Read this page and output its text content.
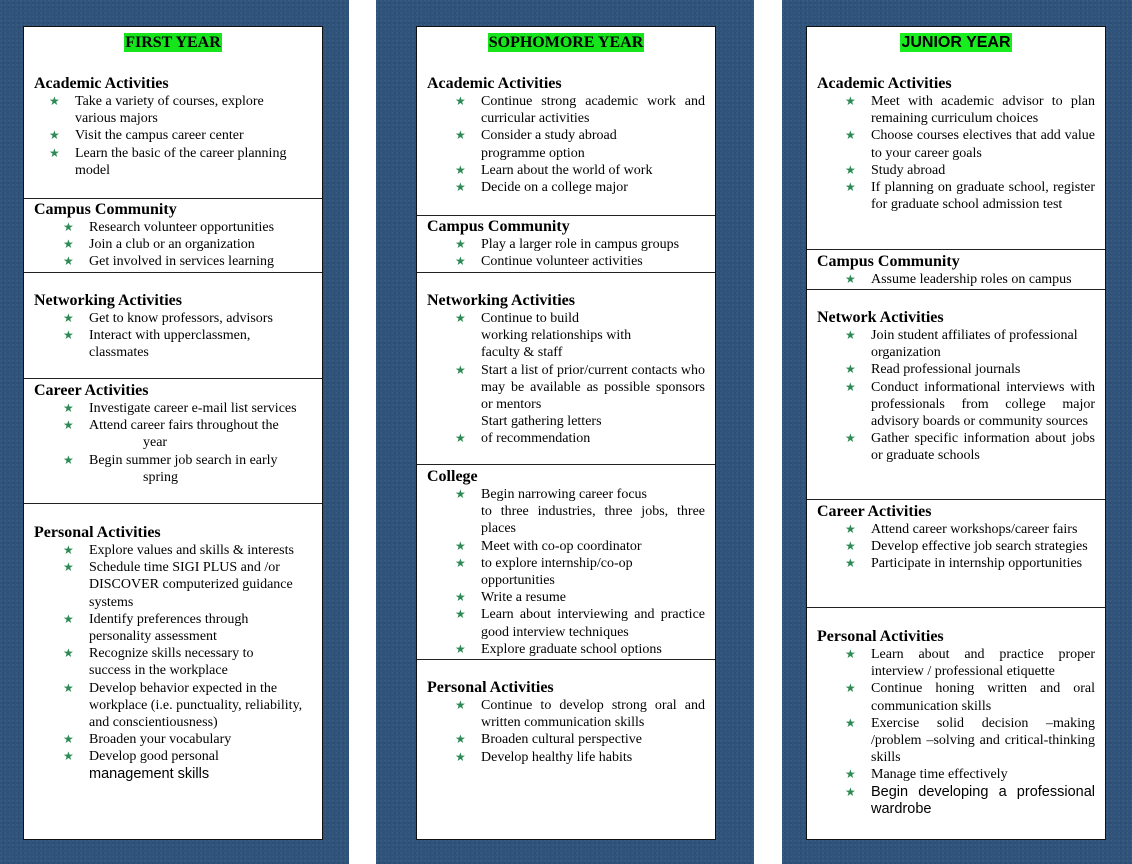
FIRST YEAR

Academic Activities

★ Take a variety of courses, explore various majors
★ Visit the campus career center
★ Learn the basic of the career planning model

Campus Community

★ Research volunteer opportunities
★ Join a club or an organization
★ Get involved in services learning

Networking Activities

★ Get to know professors, advisors
★ Interact with upperclassmen, classmates

Career Activities

★ Investigate career e-mail list services
★ Attend career fairs throughout the
year
★ Begin summer job search in early
spring

Personal Activities

★ Explore values and skills & interests
★ Schedule time SIGI PLUS and /or DISCOVER computerized guidance systems
★ Identify preferences through personality assessment
★ Recognize skills necessary to success in the workplace
★ Develop behavior expected in the workplace (i.e. punctuality, reliability, and conscientiousness)
★ Broaden your vocabulary
★ Develop good personal
management skills
SOPHOMORE YEAR

Academic Activities

★ Continue strong academic work and curricular activities
★ Consider a study abroad programme option
★ Learn about the world of work
★ Decide on a college major

Campus Community

★ Play a larger role in campus groups
★ Continue volunteer activities

Networking Activities

★ Continue to build
working relationships with
faculty & staff
★ Start a list of prior/current contacts who may be available as possible sponsors or mentors
Start gathering letters
★ of recommendation

College

★ Begin narrowing career focus
to three industries, three jobs, three places
★ Meet with co-op coordinator
★ to explore internship/co-op opportunities
★ Write a resume
★ Learn about interviewing and practice good interview techniques
★ Explore graduate school options

Personal Activities

★ Continue to develop strong oral and written communication skills
★ Broaden cultural perspective
★ Develop healthy life habits
JUNIOR YEAR

Academic Activities

★ Meet with academic advisor to plan remaining curriculum choices
★ Choose courses electives that add value to your career goals
★ Study abroad
★ If planning on graduate school, register for graduate school admission test

Campus Community

★ Assume leadership roles on campus

Network Activities

★ Join student affiliates of professional organization
★ Read professional journals
★ Conduct informational interviews with professionals from college major advisory boards or community sources
★ Gather specific information about jobs or graduate schools

Career Activities

★ Attend career workshops/career fairs
★ Develop effective job search strategies
★ Participate in internship opportunities

Personal Activities

★ Learn about and practice proper interview / professional etiquette
★ Continue honing written and oral communication skills
★ Exercise solid decision –making /problem –solving and critical-thinking skills
★ Manage time effectively
★ Begin developing a professional wardrobe
